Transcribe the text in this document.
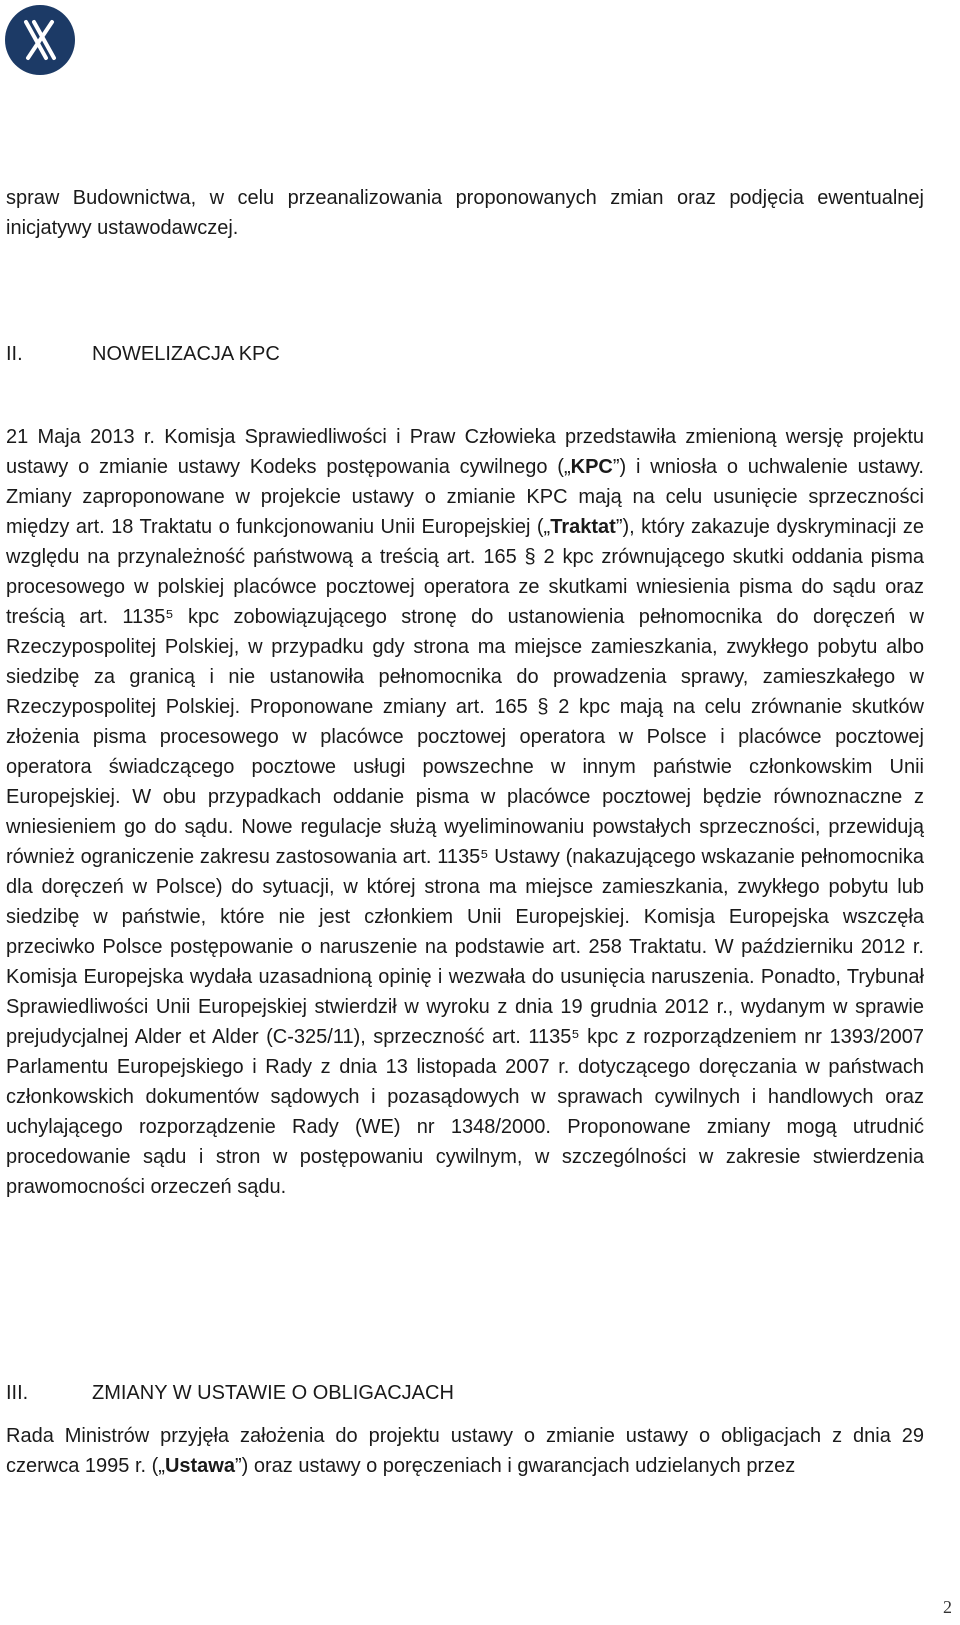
spraw Budownictwa, w celu przeanalizowania proponowanych zmian oraz podjęcia ewentualnej inicjatywy ustawodawczej.

II.	NOWELIZACJA KPC

21 Maja 2013 r. Komisja Sprawiedliwości i Praw Człowieka przedstawiła zmienioną wersję projektu ustawy o zmianie ustawy Kodeks postępowania cywilnego („KPC”) i wniosła o uchwalenie ustawy. Zmiany zaproponowane w projekcie ustawy o zmianie KPC mają na celu usunięcie sprzeczności między art. 18 Traktatu o funkcjonowaniu Unii Europejskiej („Traktat”), który zakazuje dyskryminacji ze względu na przynależność państwową a treścią art. 165 § 2 kpc zrównującego skutki oddania pisma procesowego w polskiej placówce pocztowej operatora ze skutkami wniesienia pisma do sądu oraz treścią art. 1135⁵ kpc zobowiązującego stronę do ustanowienia pełnomocnika do doręczeń w Rzeczypospolitej Polskiej, w przypadku gdy strona ma miejsce zamieszkania, zwykłego pobytu albo siedzibę za granicą i nie ustanowiła pełnomocnika do prowadzenia sprawy, zamieszkałego w Rzeczypospolitej Polskiej. Proponowane zmiany art. 165 § 2 kpc mają na celu zrównanie skutków złożenia pisma procesowego w placówce pocztowej operatora w Polsce i placówce pocztowej operatora świadczącego pocztowe usługi powszechne w innym państwie członkowskim Unii Europejskiej. W obu przypadkach oddanie pisma w placówce pocztowej będzie równoznaczne z wniesieniem go do sądu. Nowe regulacje służą wyeliminowaniu powstałych sprzeczności, przewidują również ograniczenie zakresu zastosowania art. 1135⁵ Ustawy (nakazującego wskazanie pełnomocnika dla doręczeń w Polsce) do sytuacji, w której strona ma miejsce zamieszkania, zwykłego pobytu lub siedzibę w państwie, które nie jest członkiem Unii Europejskiej. Komisja Europejska wszczęła przeciwko Polsce postępowanie o naruszenie na podstawie art. 258 Traktatu. W październiku 2012 r. Komisja Europejska wydała uzasadnioną opinię i wezwała do usunięcia naruszenia. Ponadto, Trybunał Sprawiedliwości Unii Europejskiej stwierdził w wyroku z dnia 19 grudnia 2012 r., wydanym w sprawie prejudycjalnej Alder et Alder (C-325/11), sprzeczność art. 1135⁵ kpc z rozporządzeniem nr 1393/2007 Parlamentu Europejskiego i Rady z dnia 13 listopada 2007 r. dotyczącego doręczania w państwach członkowskich dokumentów sądowych i pozasądowych w sprawach cywilnych i handlowych oraz uchylającego rozporządzenie Rady (WE) nr 1348/2000. Proponowane zmiany mogą utrudnić procedowanie sądu i stron w postępowaniu cywilnym, w szczególności w zakresie stwierdzenia prawomocności orzeczeń sądu.

III.	ZMIANY W USTAWIE O OBLIGACJACH

Rada Ministrów przyjęła założenia do projektu ustawy o zmianie ustawy o obligacjach z dnia 29 czerwca 1995 r. („Ustawa”) oraz ustawy o poręczeniach i gwarancjach udzielanych przez

2
